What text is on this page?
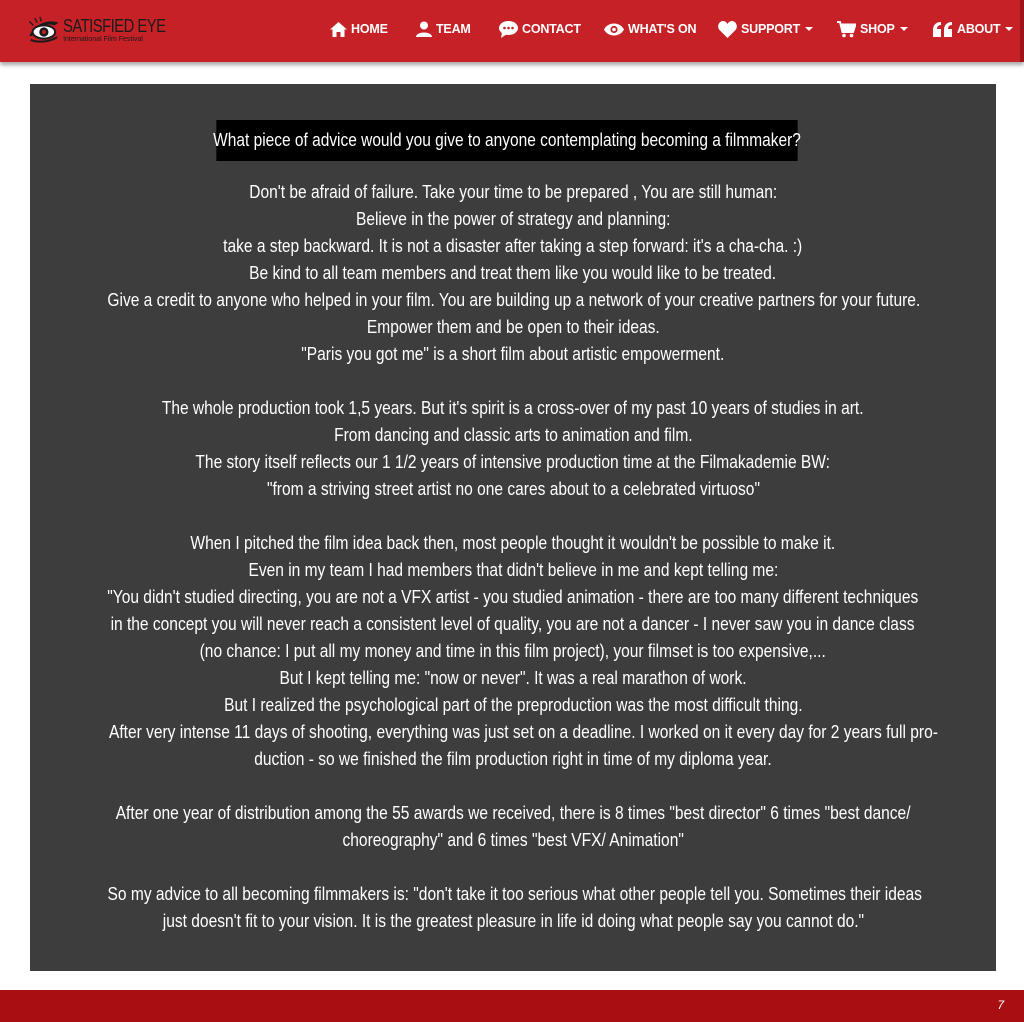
SATISFIED EYE
International Film Festival
HOME	TEAM	CONTACT	WHAT'S ON	SUPPORT	SHOP	ABOUT
What piece of advice would you give to anyone contemplating becoming a filmmaker?
Don't be afraid of failure. Take your time to be prepared , You are still human:
Believe in the power of strategy and planning:
take a step backward. It is not a disaster after taking a step forward: it's a cha-cha. :)
Be kind to all team members and treat them like you would like to be treated.
Give a credit to anyone who helped in your film. You are building up a network of your creative partners for your future.
Empower them and be open to their ideas.
"Paris you got me" is a short film about artistic empowerment.
The whole production took 1,5 years. But it's spirit is a cross-over of my past 10 years of studies in art.
From dancing and classic arts to animation and film.
The story itself reflects our 1 1/2 years of intensive production time at the Filmakademie BW:
"from a striving street artist no one cares about to a celebrated virtuoso"
When I pitched the film idea back then, most people thought it wouldn't be possible to make it.
Even in my team I had members that didn't believe in me and kept telling me:
"You didn't studied directing, you are not a VFX artist - you studied animation - there are too many different techniques
in the concept you will never reach a consistent level of quality, you are not a dancer - I never saw you in dance class
(no chance: I put all my money and time in this film project), your filmset is too expensive,...
But I kept telling me: "now or never". It was a real marathon of work.
But I realized the psychological part of the preproduction was the most difficult thing.
After very intense 11 days of shooting, everything was just set on a deadline. I worked on it every day for 2 years full pro-
duction - so we finished the film production right in time of my diploma year.
After one year of distribution among the 55 awards we received, there is 8 times "best director" 6 times "best dance/
choreography" and 6 times "best VFX/ Animation"
So my advice to all becoming filmmakers is: "don't take it too serious what other people tell you. Sometimes their ideas
just doesn't fit to your vision. It is the greatest pleasure in life id doing what people say you cannot do."
7
